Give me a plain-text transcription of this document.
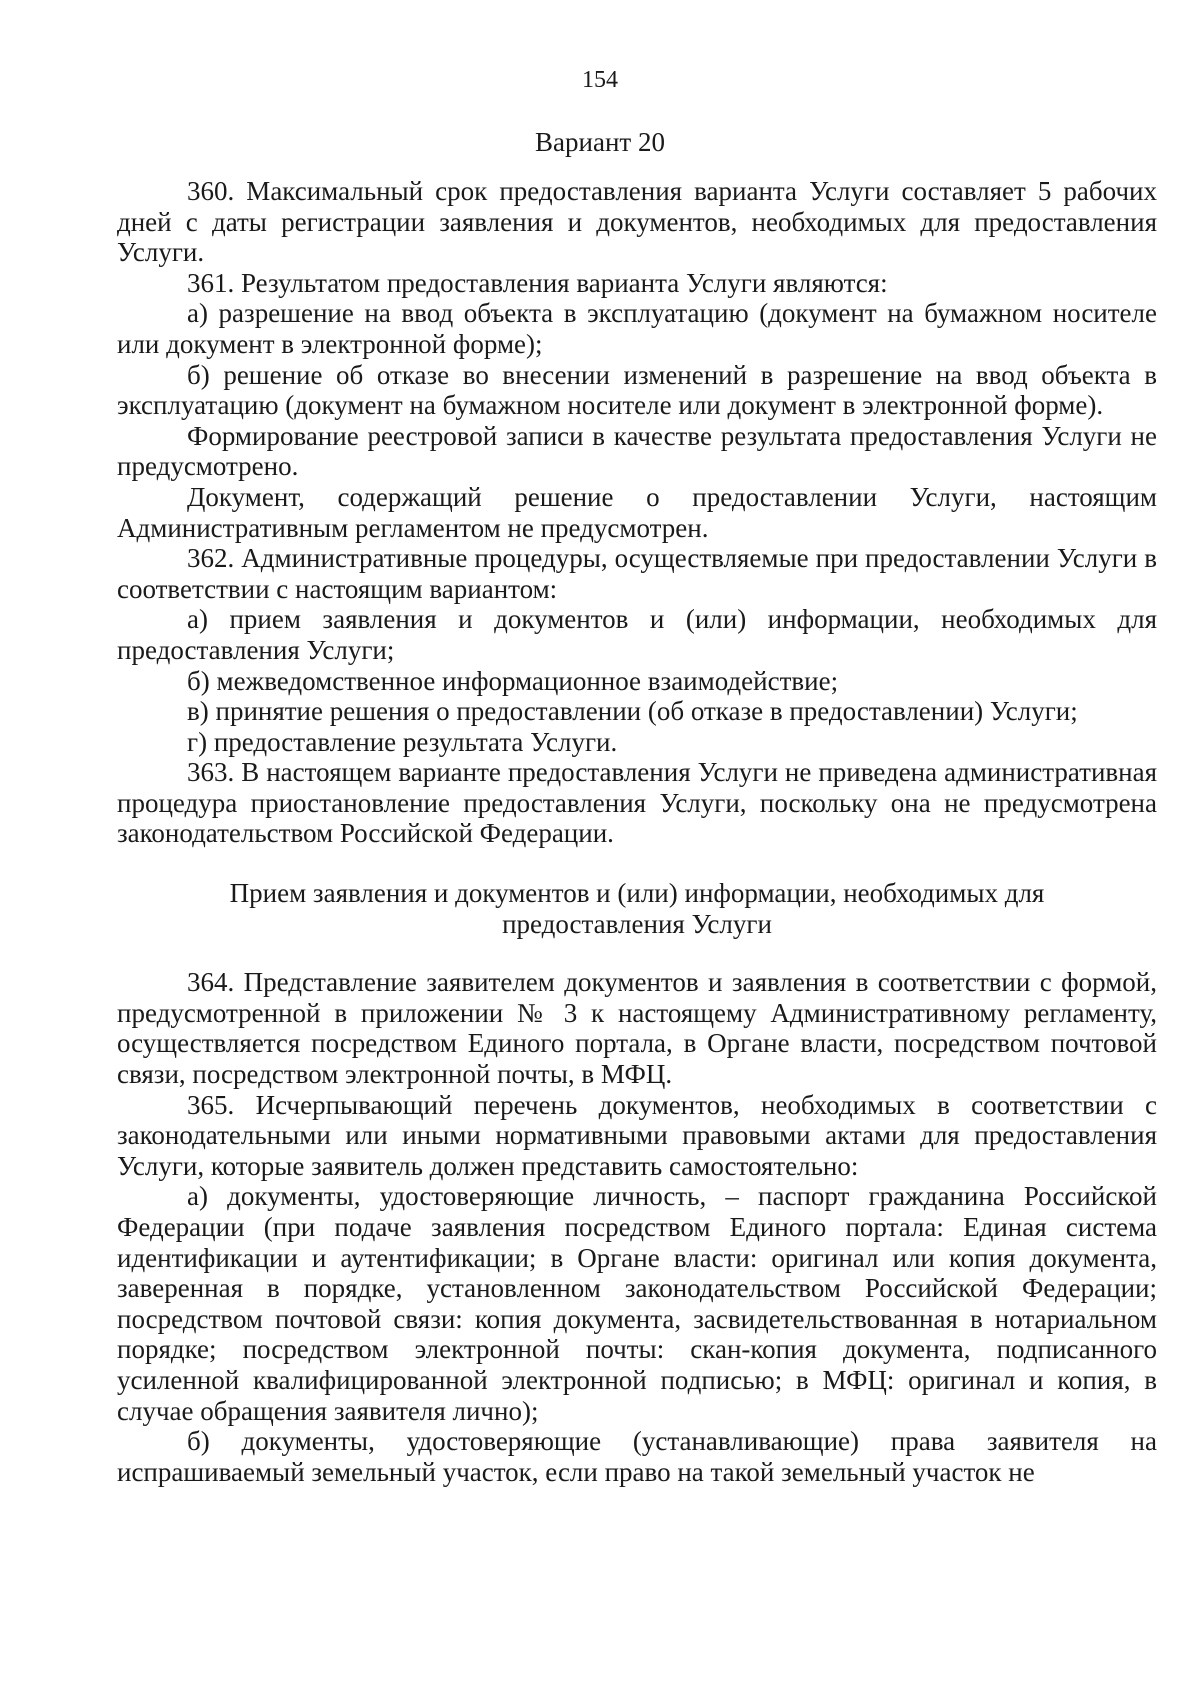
154
Вариант 20

360. Максимальный срок предоставления варианта Услуги составляет 5 рабочих дней с даты регистрации заявления и документов, необходимых для предоставления Услуги.

361. Результатом предоставления варианта Услуги являются:

а) разрешение на ввод объекта в эксплуатацию (документ на бумажном носителе или документ в электронной форме);

б) решение об отказе во внесении изменений в разрешение на ввод объекта в эксплуатацию (документ на бумажном носителе или документ в электронной форме).

Формирование реестровой записи в качестве результата предоставления Услуги не предусмотрено.

Документ, содержащий решение о предоставлении Услуги, настоящим Административным регламентом не предусмотрен.

362. Административные процедуры, осуществляемые при предоставлении Услуги в соответствии с настоящим вариантом:

а) прием заявления и документов и (или) информации, необходимых для предоставления Услуги;

б) межведомственное информационное взаимодействие;

в) принятие решения о предоставлении (об отказе в предоставлении) Услуги;

г) предоставление результата Услуги.

363. В настоящем варианте предоставления Услуги не приведена административная процедура приостановление предоставления Услуги, поскольку она не предусмотрена законодательством Российской Федерации.

Прием заявления и документов и (или) информации, необходимых для предоставления Услуги

364. Представление заявителем документов и заявления в соответствии с формой, предусмотренной в приложении № 3 к настоящему Административному регламенту, осуществляется посредством Единого портала, в Органе власти, посредством почтовой связи, посредством электронной почты, в МФЦ.

365. Исчерпывающий перечень документов, необходимых в соответствии с законодательными или иными нормативными правовыми актами для предоставления Услуги, которые заявитель должен представить самостоятельно:

а) документы, удостоверяющие личность, – паспорт гражданина Российской Федерации (при подаче заявления посредством Единого портала: Единая система идентификации и аутентификации; в Органе власти: оригинал или копия документа, заверенная в порядке, установленном законодательством Российской Федерации; посредством почтовой связи: копия документа, засвидетельствованная в нотариальном порядке; посредством электронной почты: скан-копия документа, подписанного усиленной квалифицированной электронной подписью; в МФЦ: оригинал и копия, в случае обращения заявителя лично);

б) документы, удостоверяющие (устанавливающие) права заявителя на испрашиваемый земельный участок, если право на такой земельный участок не
